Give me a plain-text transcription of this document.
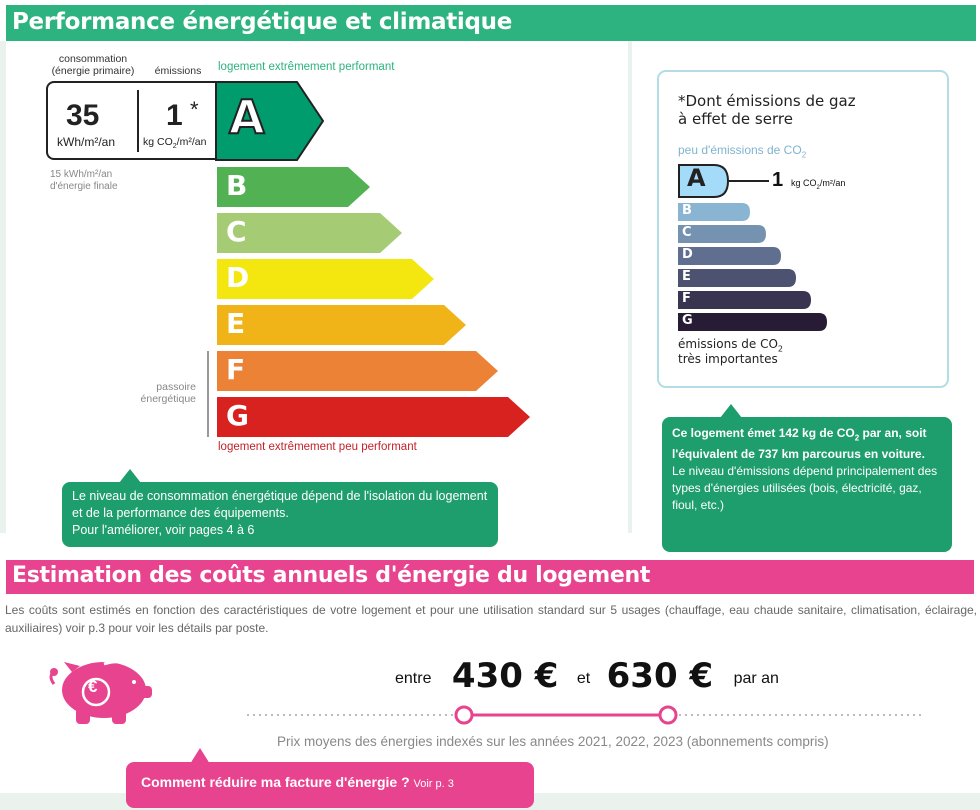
Performance énergétique et climatique
consommation
(énergie primaire)	émissions	logement extrêmement performant
35
kWh/m²/an
1 *
kg $CO_2/m^2/an$
15 kWh/m²/an
d'énergie finale
A
B
C
D
E
F
G
passoire
énergétique
logement extrêmement peu performant
Le niveau de consommation énergétique dépend de l'isolation du logement et de la performance des équipements.
Pour l'améliorer, voir pages 4 à 6
*Dont émissions de gaz
à effet de serre
peu d'émissions de $CO_2$
A	1 kg $CO_2/m^2/an$
B
C
D
E
F
G
émissions de $CO_2$
très importantes
Ce logement émet 142 kg de $CO_2$ par an, soit l'équivalent de 737 km parcourus en voiture.
Le niveau d'émissions dépend principalement des types d'énergies utilisées (bois, électricité, gaz, fioul, etc.)
Estimation des coûts annuels d'énergie du logement
Les coûts sont estimés en fonction des caractéristiques de votre logement et pour une utilisation standard sur 5 usages (chauffage, eau chaude sanitaire, climatisation, éclairage, auxiliaires) voir p.3 pour voir les détails par poste.
€	entre 430 € et 630 € par an
Prix moyens des énergies indexés sur les années 2021, 2022, 2023 (abonnements compris)
Comment réduire ma facture d'énergie ? Voir p. 3
